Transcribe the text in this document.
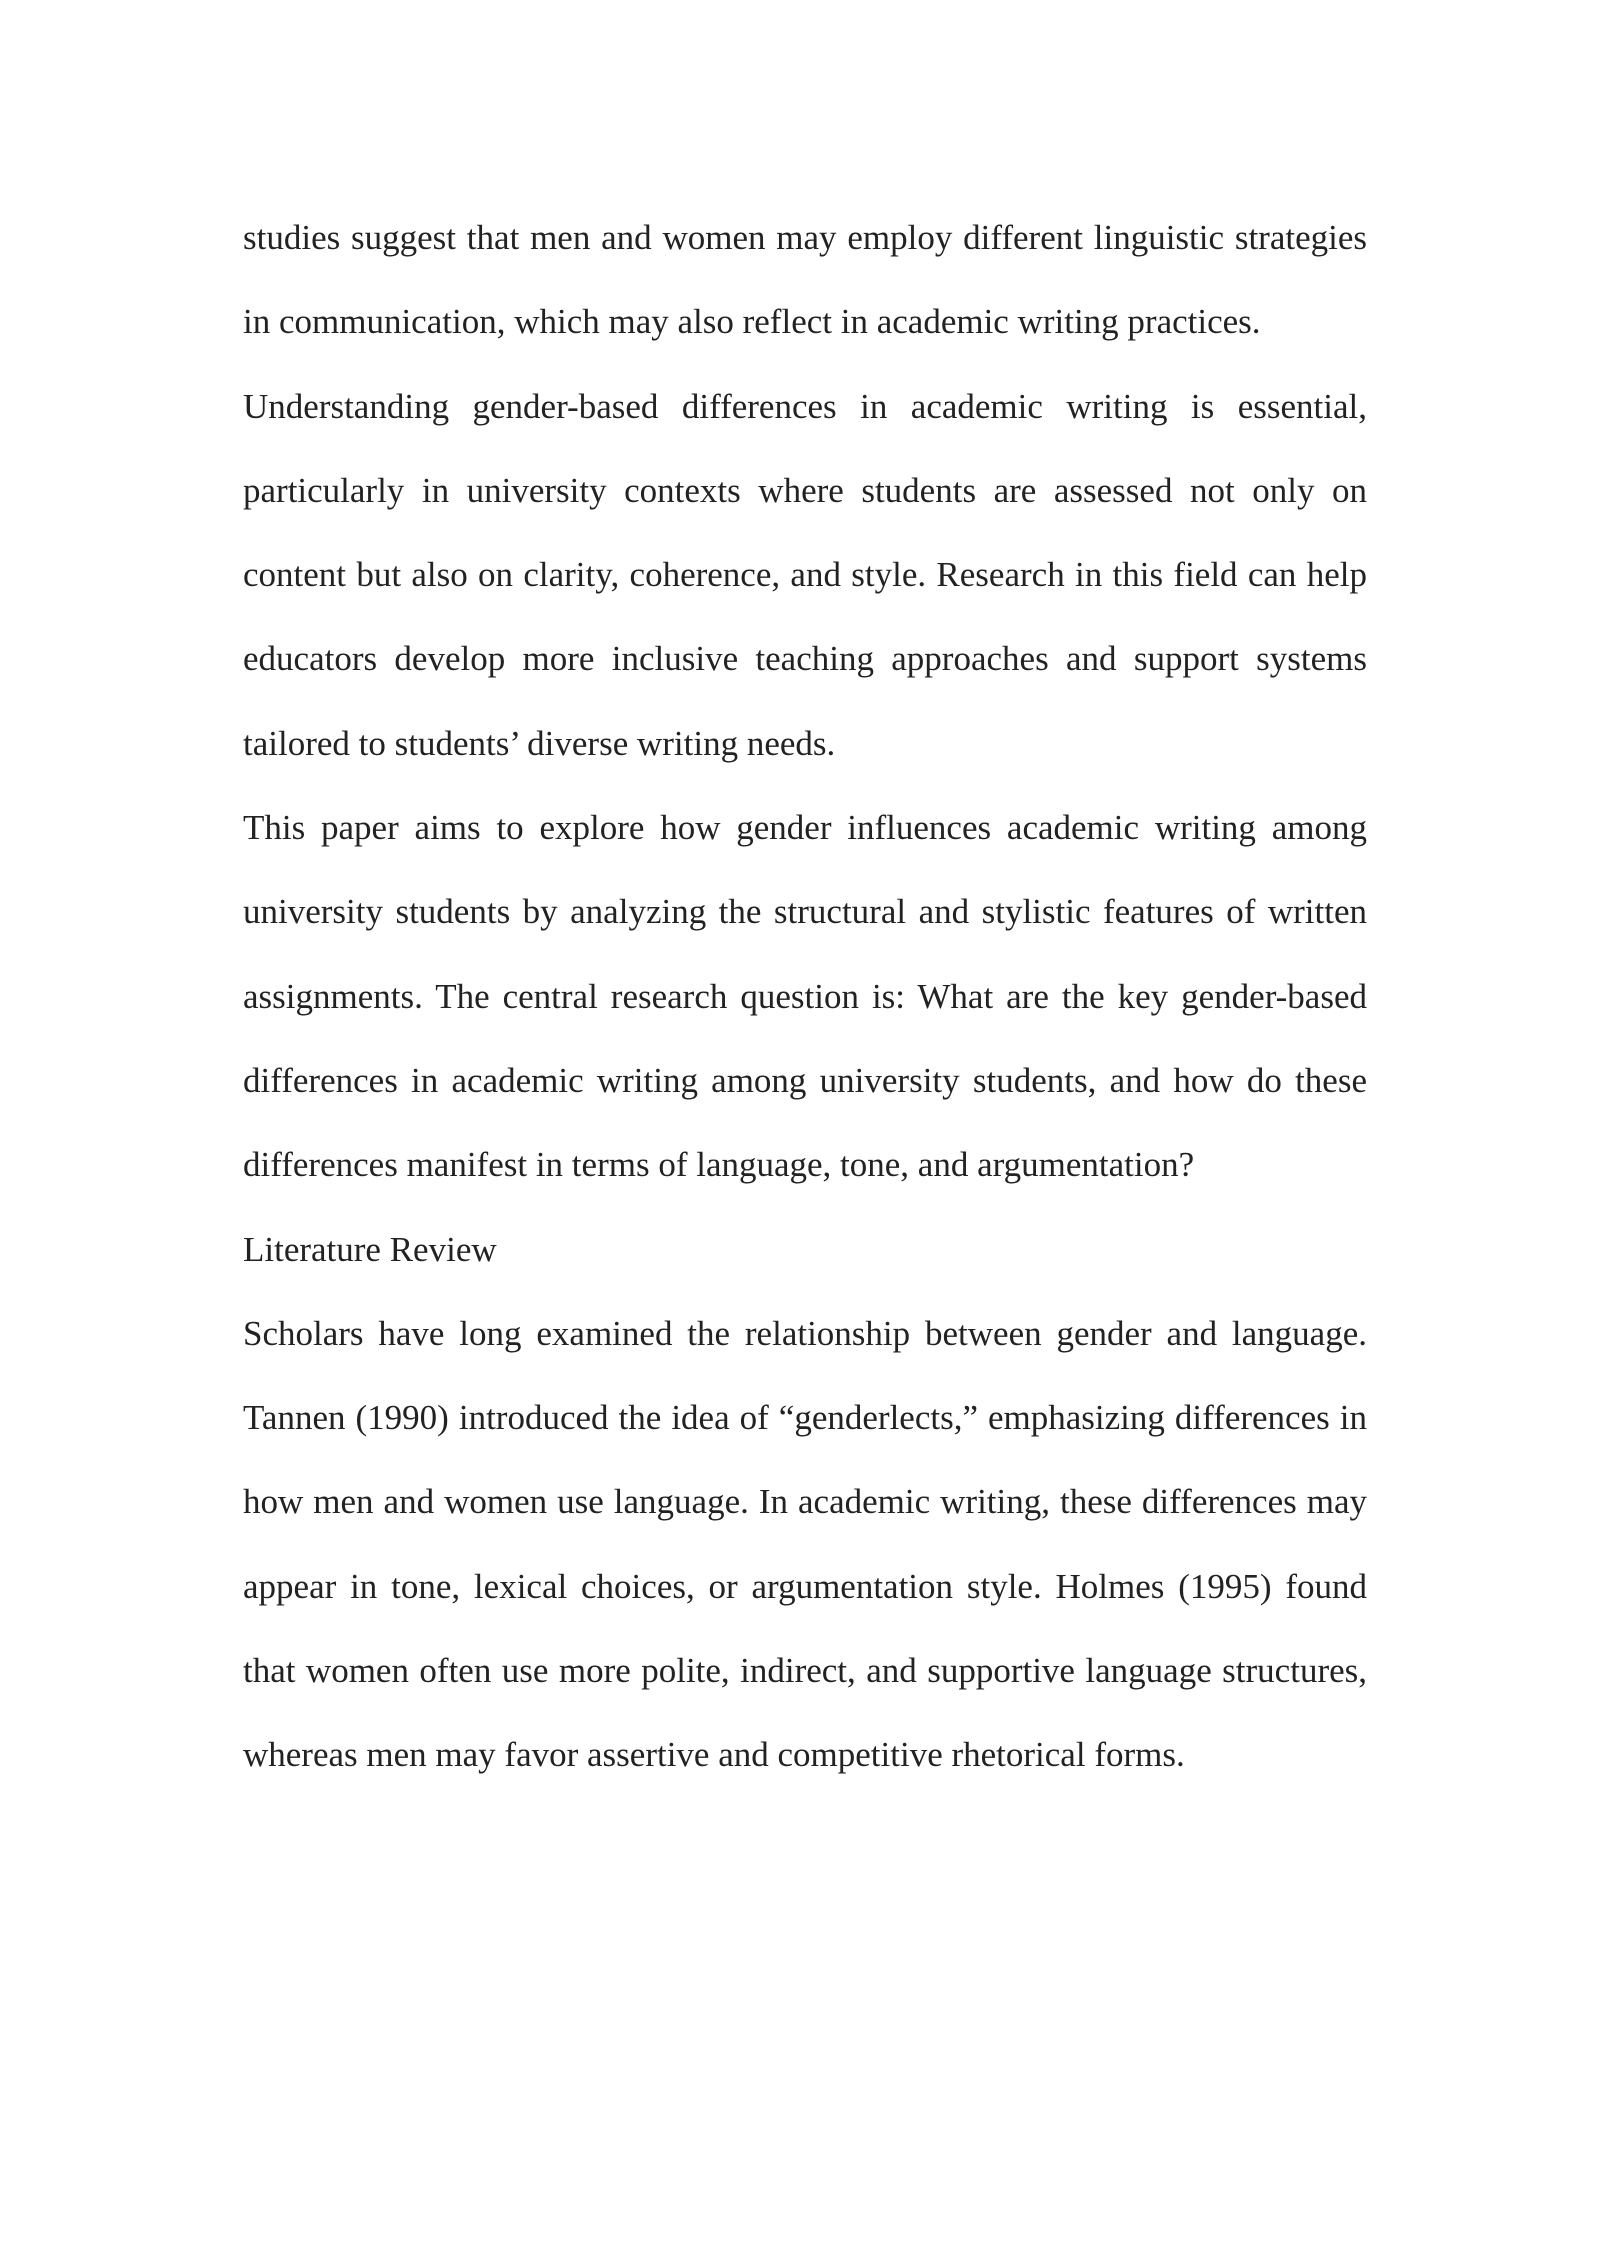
studies suggest that men and women may employ different linguistic strategies in communication, which may also reflect in academic writing practices.

Understanding gender-based differences in academic writing is essential, particularly in university contexts where students are assessed not only on content but also on clarity, coherence, and style. Research in this field can help educators develop more inclusive teaching approaches and support systems tailored to students’ diverse writing needs.

This paper aims to explore how gender influences academic writing among university students by analyzing the structural and stylistic features of written assignments. The central research question is: What are the key gender-based differences in academic writing among university students, and how do these differences manifest in terms of language, tone, and argumentation?

Literature Review

Scholars have long examined the relationship between gender and language. Tannen (1990) introduced the idea of “genderlects,” emphasizing differences in how men and women use language. In academic writing, these differences may appear in tone, lexical choices, or argumentation style. Holmes (1995) found that women often use more polite, indirect, and supportive language structures, whereas men may favor assertive and competitive rhetorical forms.
